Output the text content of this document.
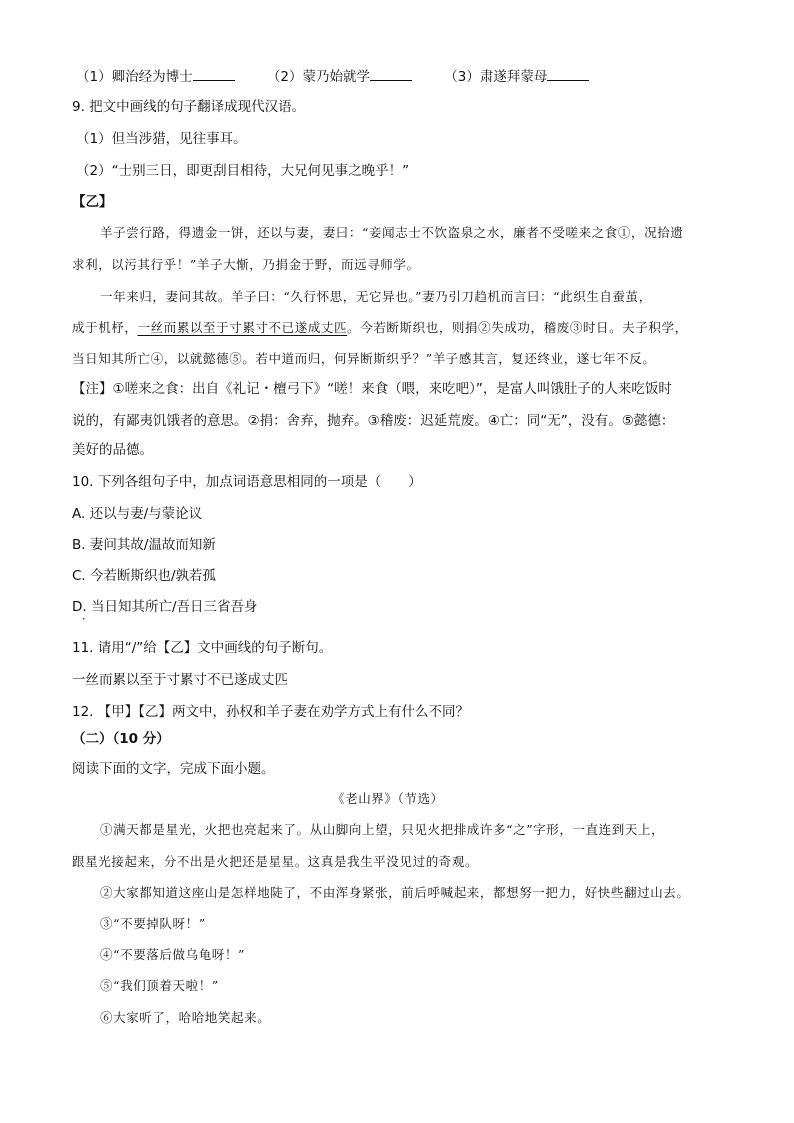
（1）卿治经为博士	（2）蒙乃始就学	（3）肃遂拜蒙母
9. 把文中画线的句子翻译成现代汉语。
（1）但当涉猎，见往事耳。
（2）“士别三日，即更刮目相待，大兄何见事之晚乎！”
【乙】
羊子尝行路，得遗金一饼，还以与妻，妻曰：“妾闻志士不饮盗泉之水，廉者不受嗟来之食①，况拾遗
求利，以污其行乎！”羊子大惭，乃捐金于野，而远寻师学。
一年来归，妻问其故。羊子曰：“久行怀思，无它异也。”妻乃引刀趋机而言曰：“此织生自蚕茧，
成于机杼，一丝而累以至于寸累寸不已遂成丈匹。今若断斯织也，则捐②失成功，稽废③时日。夫子积学，
当日知其所亡④，以就懿德⑤。若中道而归，何异断斯织乎？”羊子感其言，复还终业，遂七年不反。
【注】①嗟来之食：出自《礼记・檀弓下》“嗟！来食（喂，来吃吧）”，是富人叫饿肚子的人来吃饭时
说的，有鄙夷饥饿者的意思。②捐：舍弃，抛弃。③稽废：迟延荒废。④亡：同“无”，没有。⑤懿德：
美好的品德。
10. 下列各组句子中，加点词语意思相同的一项是（　　）
A. 还以与妻/与蒙论议
B. 妻问其故/温故而知新
C. 今若断斯织也/孰若孤
D. 当日知其所亡/吾日三省吾身
•
11. 请用“/”给【乙】文中画线的句子断句。
一丝而累以至于寸累寸不已遂成丈匹
12. 【甲】【乙】两文中，孙权和羊子妻在劝学方式上有什么不同？
（二）（10 分）
阅读下面的文字，完成下面小题。
《老山界》（节选）
①满天都是星光，火把也亮起来了。从山脚向上望，只见火把排成许多“之”字形，一直连到天上，
跟星光接起来，分不出是火把还是星星。这真是我生平没见过的奇观。
②大家都知道这座山是怎样地陡了，不由浑身紧张，前后呼喊起来，都想努一把力，好快些翻过山去。
③“不要掉队呀！”
④“不要落后做乌龟呀！”
⑤“我们顶着天啦！”
⑥大家听了，哈哈地笑起来。
